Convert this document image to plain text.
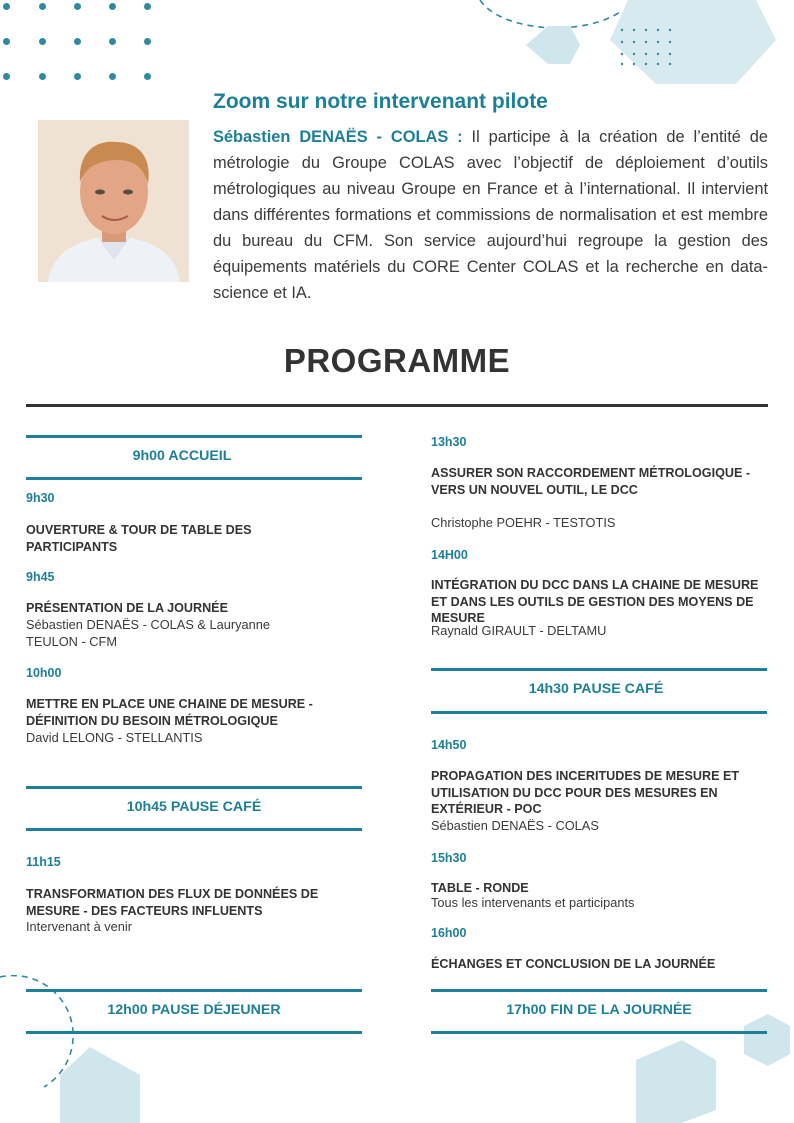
Zoom sur notre intervenant pilote
Sébastien DENAËS - COLAS : Il participe à la création de l’entité de métrologie du Groupe COLAS avec l’objectif de déploiement d’outils métrologiques au niveau Groupe en France et à l’international. Il intervient dans différentes formations et commissions de normalisation et est membre du bureau du CFM. Son service aujourd’hui regroupe la gestion des équipements matériels du CORE Center COLAS et la recherche en data-science et IA.
PROGRAMME
9h00 ACCUEIL
9h30
OUVERTURE & TOUR DE TABLE DES PARTICIPANTS
9h45
PRÉSENTATION DE LA JOURNÉE
Sébastien DENAËS - COLAS & Lauryanne TEULON - CFM
10h00
METTRE EN PLACE UNE CHAINE DE MESURE - DÉFINITION DU BESOIN MÉTROLOGIQUE
David LELONG - STELLANTIS
10h45 PAUSE CAFÉ
11h15
TRANSFORMATION DES FLUX DE DONNÉES DE MESURE - DES FACTEURS INFLUENTS
Intervenant à venir
12h00 PAUSE DÉJEUNER
13h30
ASSURER SON RACCORDEMENT MÉTROLOGIQUE - VERS UN NOUVEL OUTIL, LE DCC
Christophe POEHR - TESTOTIS
14H00
INTÉGRATION DU DCC DANS LA CHAINE DE MESURE ET DANS LES OUTILS DE GESTION DES MOYENS DE MESURE
Raynald GIRAULT - DELTAMU
14h30 PAUSE CAFÉ
14h50
PROPAGATION DES INCERITUDES DE MESURE ET UTILISATION DU DCC POUR DES MESURES EN EXTÉRIEUR - POC
Sébastien DENAËS - COLAS
15h30
TABLE - RONDE
Tous les intervenants et participants
16h00
ÉCHANGES ET CONCLUSION DE LA JOURNÉE
17h00 FIN DE LA JOURNÉE
